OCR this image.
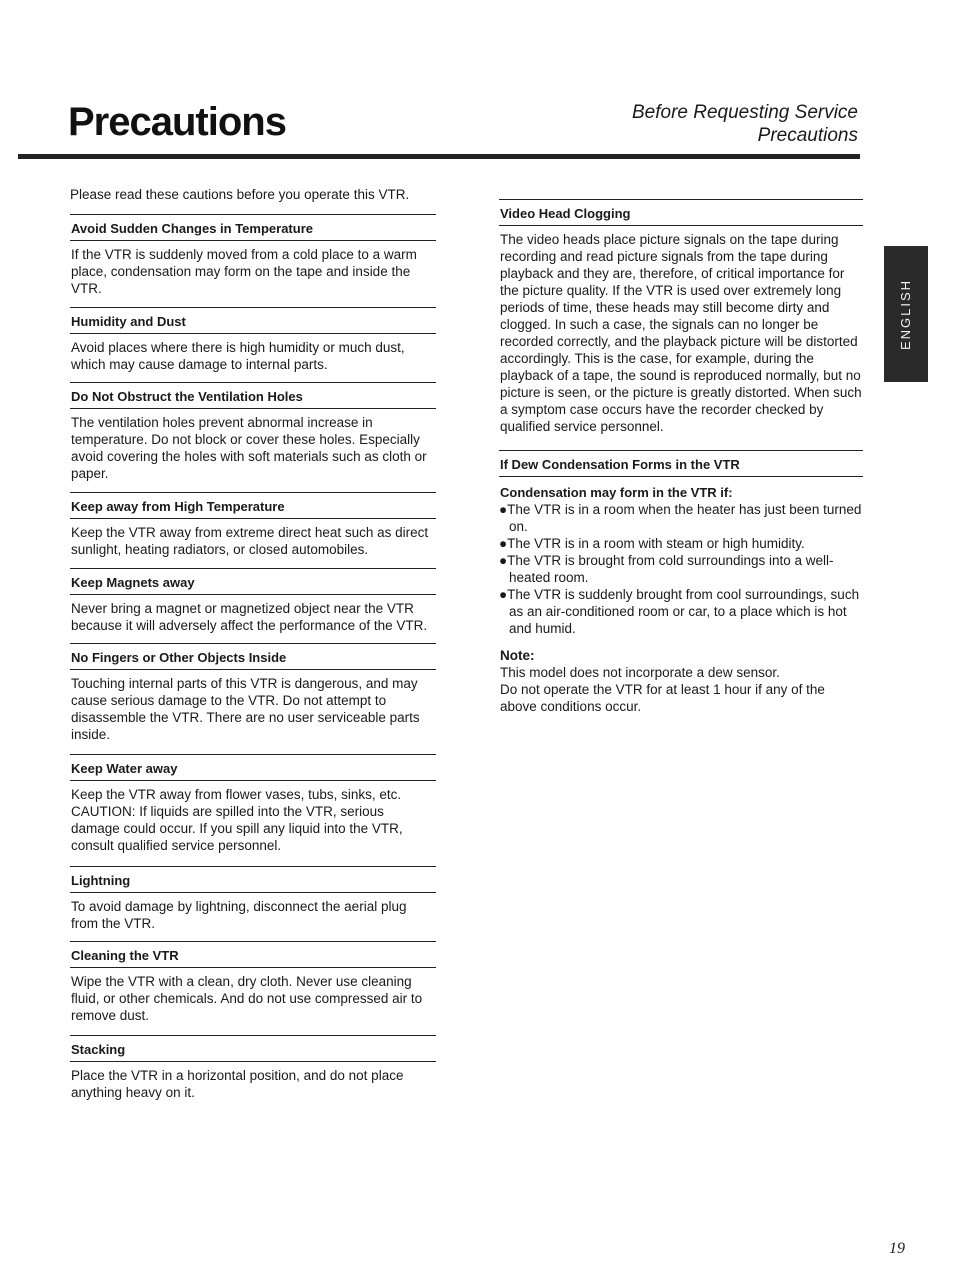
Precautions	Before Requesting Service
Precautions

Please read these cautions before you operate this VTR.

Avoid Sudden Changes in Temperature

If the VTR is suddenly moved from a cold place to a warm place, condensation may form on the tape and inside the VTR.

Humidity and Dust

Avoid places where there is high humidity or much dust, which may cause damage to internal parts.

Do Not Obstruct the Ventilation Holes

The ventilation holes prevent abnormal increase in temperature. Do not block or cover these holes. Especially avoid covering the holes with soft materials such as cloth or paper.

Keep away from High Temperature

Keep the VTR away from extreme direct heat such as direct sunlight, heating radiators, or closed automobiles.

Keep Magnets away

Never bring a magnet or magnetized object near the VTR because it will adversely affect the performance of the VTR.

No Fingers or Other Objects Inside

Touching internal parts of this VTR is dangerous, and may cause serious damage to the VTR. Do not attempt to disassemble the VTR. There are no user serviceable parts inside.

Keep Water away

Keep the VTR away from flower vases, tubs, sinks, etc. CAUTION: If liquids are spilled into the VTR, serious damage could occur. If you spill any liquid into the VTR, consult qualified service personnel.

Lightning

To avoid damage by lightning, disconnect the aerial plug from the VTR.

Cleaning the VTR

Wipe the VTR with a clean, dry cloth. Never use cleaning fluid, or other chemicals. And do not use compressed air to remove dust.

Stacking

Place the VTR in a horizontal position, and do not place anything heavy on it.

Video Head Clogging

The video heads place picture signals on the tape during recording and read picture signals from the tape during playback and they are, therefore, of critical importance for the picture quality. If the VTR is used over extremely long periods of time, these heads may still become dirty and clogged. In such a case, the signals can no longer be recorded correctly, and the playback picture will be distorted accordingly. This is the case, for example, during the playback of a tape, the sound is reproduced normally, but no picture is seen, or the picture is greatly distorted. When such a symptom case occurs have the recorder checked by qualified service personnel.

If Dew Condensation Forms in the VTR
Condensation may form in the VTR if:
●The VTR is in a room when the heater has just been turned on.
●The VTR is in a room with steam or high humidity.
●The VTR is brought from cold surroundings into a well-heated room.
●The VTR is suddenly brought from cool surroundings, such as an air-conditioned room or car, to a place which is hot and humid.
Note:

This model does not incorporate a dew sensor.

Do not operate the VTR for at least 1 hour if any of the above conditions occur.

ENGLISH
19
